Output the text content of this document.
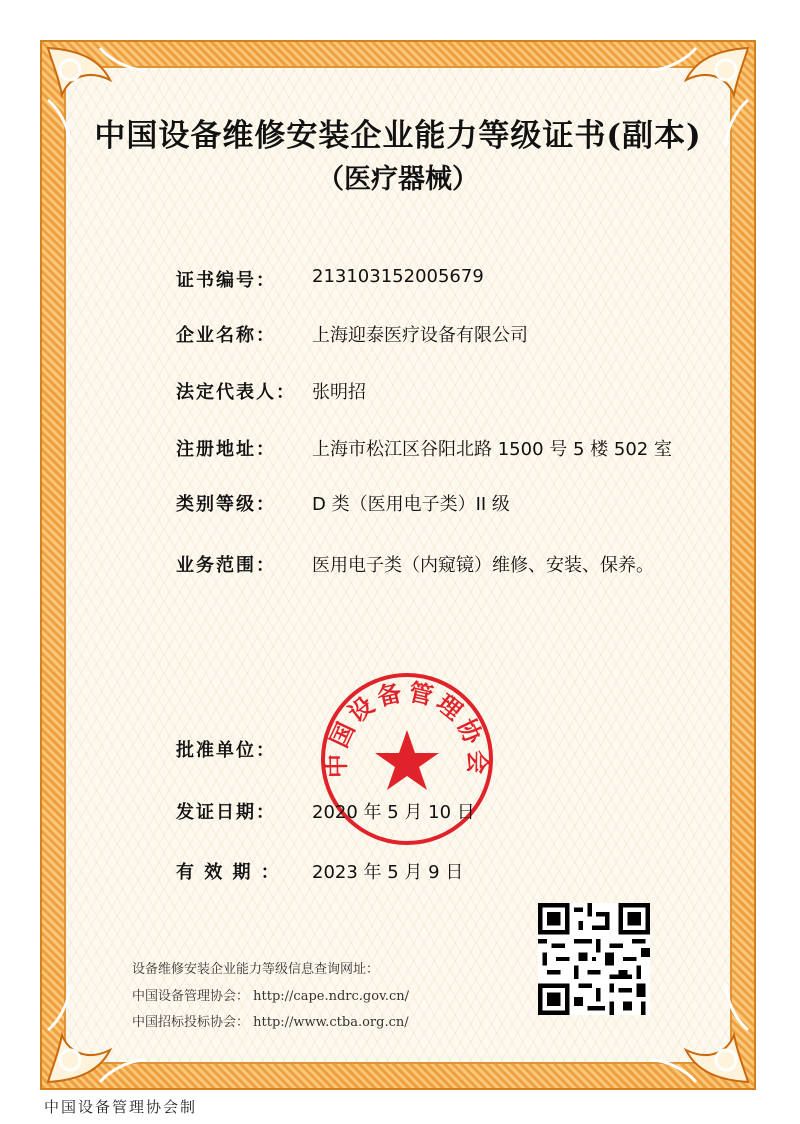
中国设备维修安装企业能力等级证书(副本)
（医疗器械）
证书编号： 213103152005679
企业名称： 上海迎泰医疗设备有限公司
法定代表人： 张明招
注册地址： 上海市松江区谷阳北路 1500 号 5 楼 502 室
类别等级： D 类（医用电子类）II 级
业务范围： 医用电子类（内窥镜）维修、安装、保养。
批准单位： 中国设备管理协会
发证日期： 2020 年 5 月 10 日
有 效 期 ： 2023 年 5 月 9 日
设备维修安装企业能力等级信息查询网址：
中国设备管理协会： http://cape.ndrc.gov.cn/
中国招标投标协会： http://www.ctba.org.cn/
中国设备管理协会制
